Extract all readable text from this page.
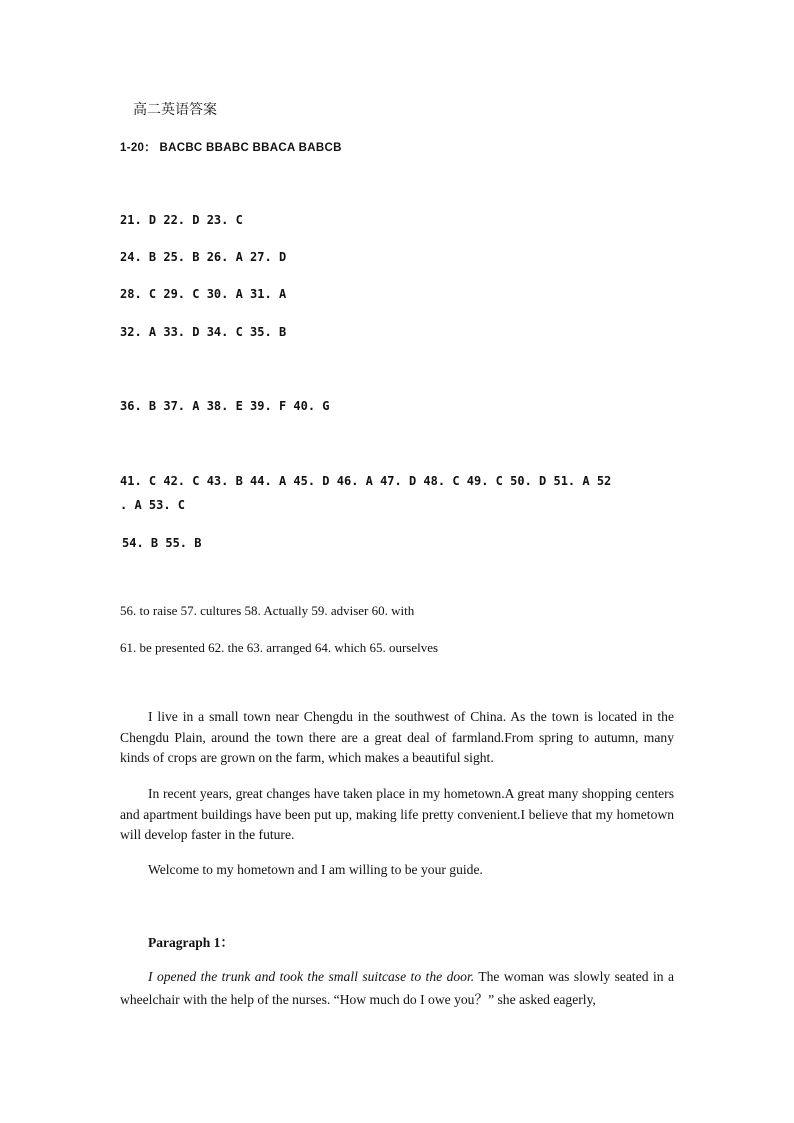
高二英语答案
1-20： BACBC BBABC BBACA BABCB
21. D 22. D 23. C
24. B 25. B 26. A 27. D
28. C 29. C 30. A 31. A
32. A 33. D 34. C 35. B
36. B 37. A 38. E 39. F 40. G
41. C 42. C 43. B 44. A 45. D 46. A 47. D 48. C 49. C 50. D 51. A 52
. A 53. C
54. B 55. B
56. to raise 57. cultures 58. Actually 59. adviser 60. with
61. be presented 62. the 63. arranged 64. which 65. ourselves
I live in a small town near Chengdu in the southwest of China. As the town is located in the Chengdu Plain, around the town there are a great deal of farmland.From spring to autumn, many kinds of crops are grown on the farm, which makes a beautiful sight.
In recent years, great changes have taken place in my hometown.A great many shopping centers and apartment buildings have been put up, making life pretty convenient.I believe that my hometown will develop faster in the future.
Welcome to my hometown and I am willing to be your guide.
Paragraph 1：
I opened the trunk and took the small suitcase to the door. The woman was slowly seated in a wheelchair with the help of the nurses. “How much do I owe you？” she asked eagerly,
